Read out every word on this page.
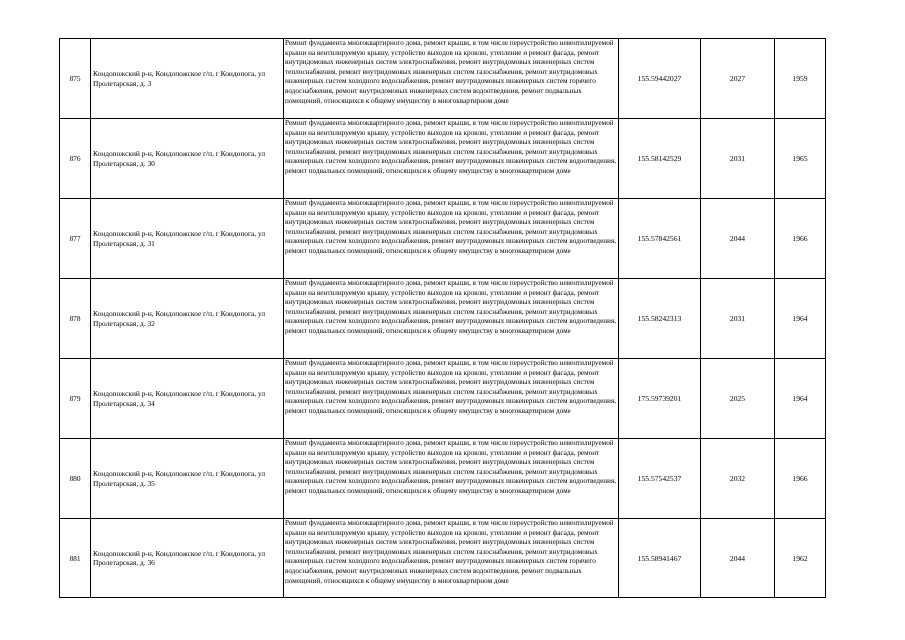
875	Кондопожский р-н, Кондопожское г/п, г Кондопога, ул Пролетарская, д. 3	Ремонт фундамента многоквартирного дома, ремонт крыши, в том числе переустройство невентилируемой крыши на вентилируемую крышу, устройство выходов на кровлю, утепление и ремонт фасада, ремонт внутридомовых инженерных систем электроснабжения, ремонт внутридомовых инженерных систем теплоснабжения, ремонт внутридомовых инженерных систем газоснабжения, ремонт внутридомовых инженерных систем холодного водоснабжения, ремонт внутридомовых инженерных систем горячего водоснабжения, ремонт внутридомовых инженерных систем водоотведения, ремонт подвальных помещений, относящихся к общему имуществу в многоквартирном доме	155.59442027	2027	1959
876	Кондопожский р-н, Кондопожское г/п, г Кондопога, ул Пролетарская, д. 30	Ремонт фундамента многоквартирного дома, ремонт крыши, в том числе переустройство невентилируемой крыши на вентилируемую крышу, устройство выходов на кровлю, утепление и ремонт фасада, ремонт внутридомовых инженерных систем электроснабжения, ремонт внутридомовых инженерных систем теплоснабжения, ремонт внутридомовых инженерных систем газоснабжения, ремонт внутридомовых инженерных систем холодного водоснабжения, ремонт внутридомовых инженерных систем водоотведения, ремонт подвальных помещений, относящихся к общему имуществу в многоквартирном доме	155.58142529	2031	1965
877	Кондопожский р-н, Кондопожское г/п, г Кондопога, ул Пролетарская, д. 31	Ремонт фундамента многоквартирного дома, ремонт крыши, в том числе переустройство невентилируемой крыши на вентилируемую крышу, устройство выходов на кровлю, утепление и ремонт фасада, ремонт внутридомовых инженерных систем электроснабжения, ремонт внутридомовых инженерных систем теплоснабжения, ремонт внутридомовых инженерных систем газоснабжения, ремонт внутридомовых инженерных систем холодного водоснабжения, ремонт внутридомовых инженерных систем водоотведения, ремонт подвальных помещений, относящихся к общему имуществу в многоквартирном доме	155.57842561	2044	1966
878	Кондопожский р-н, Кондопожское г/п, г Кондопога, ул Пролетарская, д. 32	Ремонт фундамента многоквартирного дома, ремонт крыши, в том числе переустройство невентилируемой крыши на вентилируемую крышу, устройство выходов на кровлю, утепление и ремонт фасада, ремонт внутридомовых инженерных систем электроснабжения, ремонт внутридомовых инженерных систем теплоснабжения, ремонт внутридомовых инженерных систем газоснабжения, ремонт внутридомовых инженерных систем холодного водоснабжения, ремонт внутридомовых инженерных систем водоотведения, ремонт подвальных помещений, относящихся к общему имуществу в многоквартирном доме	155.58242313	2031	1964
879	Кондопожский р-н, Кондопожское г/п, г Кондопога, ул Пролетарская, д. 34	Ремонт фундамента многоквартирного дома, ремонт крыши, в том числе переустройство невентилируемой крыши на вентилируемую крышу, устройство выходов на кровлю, утепление и ремонт фасада, ремонт внутридомовых инженерных систем электроснабжения, ремонт внутридомовых инженерных систем теплоснабжения, ремонт внутридомовых инженерных систем газоснабжения, ремонт внутридомовых инженерных систем холодного водоснабжения, ремонт внутридомовых инженерных систем водоотведения, ремонт подвальных помещений, относящихся к общему имуществу в многоквартирном доме	175.59739201	2025	1964
880	Кондопожский р-н, Кондопожское г/п, г Кондопога, ул Пролетарская, д. 35	Ремонт фундамента многоквартирного дома, ремонт крыши, в том числе переустройство невентилируемой крыши на вентилируемую крышу, устройство выходов на кровлю, утепление и ремонт фасада, ремонт внутридомовых инженерных систем электроснабжения, ремонт внутридомовых инженерных систем теплоснабжения, ремонт внутридомовых инженерных систем газоснабжения, ремонт внутридомовых инженерных систем холодного водоснабжения, ремонт внутридомовых инженерных систем водоотведения, ремонт подвальных помещений, относящихся к общему имуществу в многоквартирном доме	155.57542537	2032	1966
881	Кондопожский р-н, Кондопожское г/п, г Кондопога, ул Пролетарская, д. 36	Ремонт фундамента многоквартирного дома, ремонт крыши, в том числе переустройство невентилируемой крыши на вентилируемую крышу, устройство выходов на кровлю, утепление и ремонт фасада, ремонт внутридомовых инженерных систем электроснабжения, ремонт внутридомовых инженерных систем теплоснабжения, ремонт внутридомовых инженерных систем газоснабжения, ремонт внутридомовых инженерных систем холодного водоснабжения, ремонт внутридомовых инженерных систем горячего водоснабжения, ремонт внутридомовых инженерных систем водоотведения, ремонт подвальных помещений, относящихся к общему имуществу в многоквартирном доме	155.58941467	2044	1962
